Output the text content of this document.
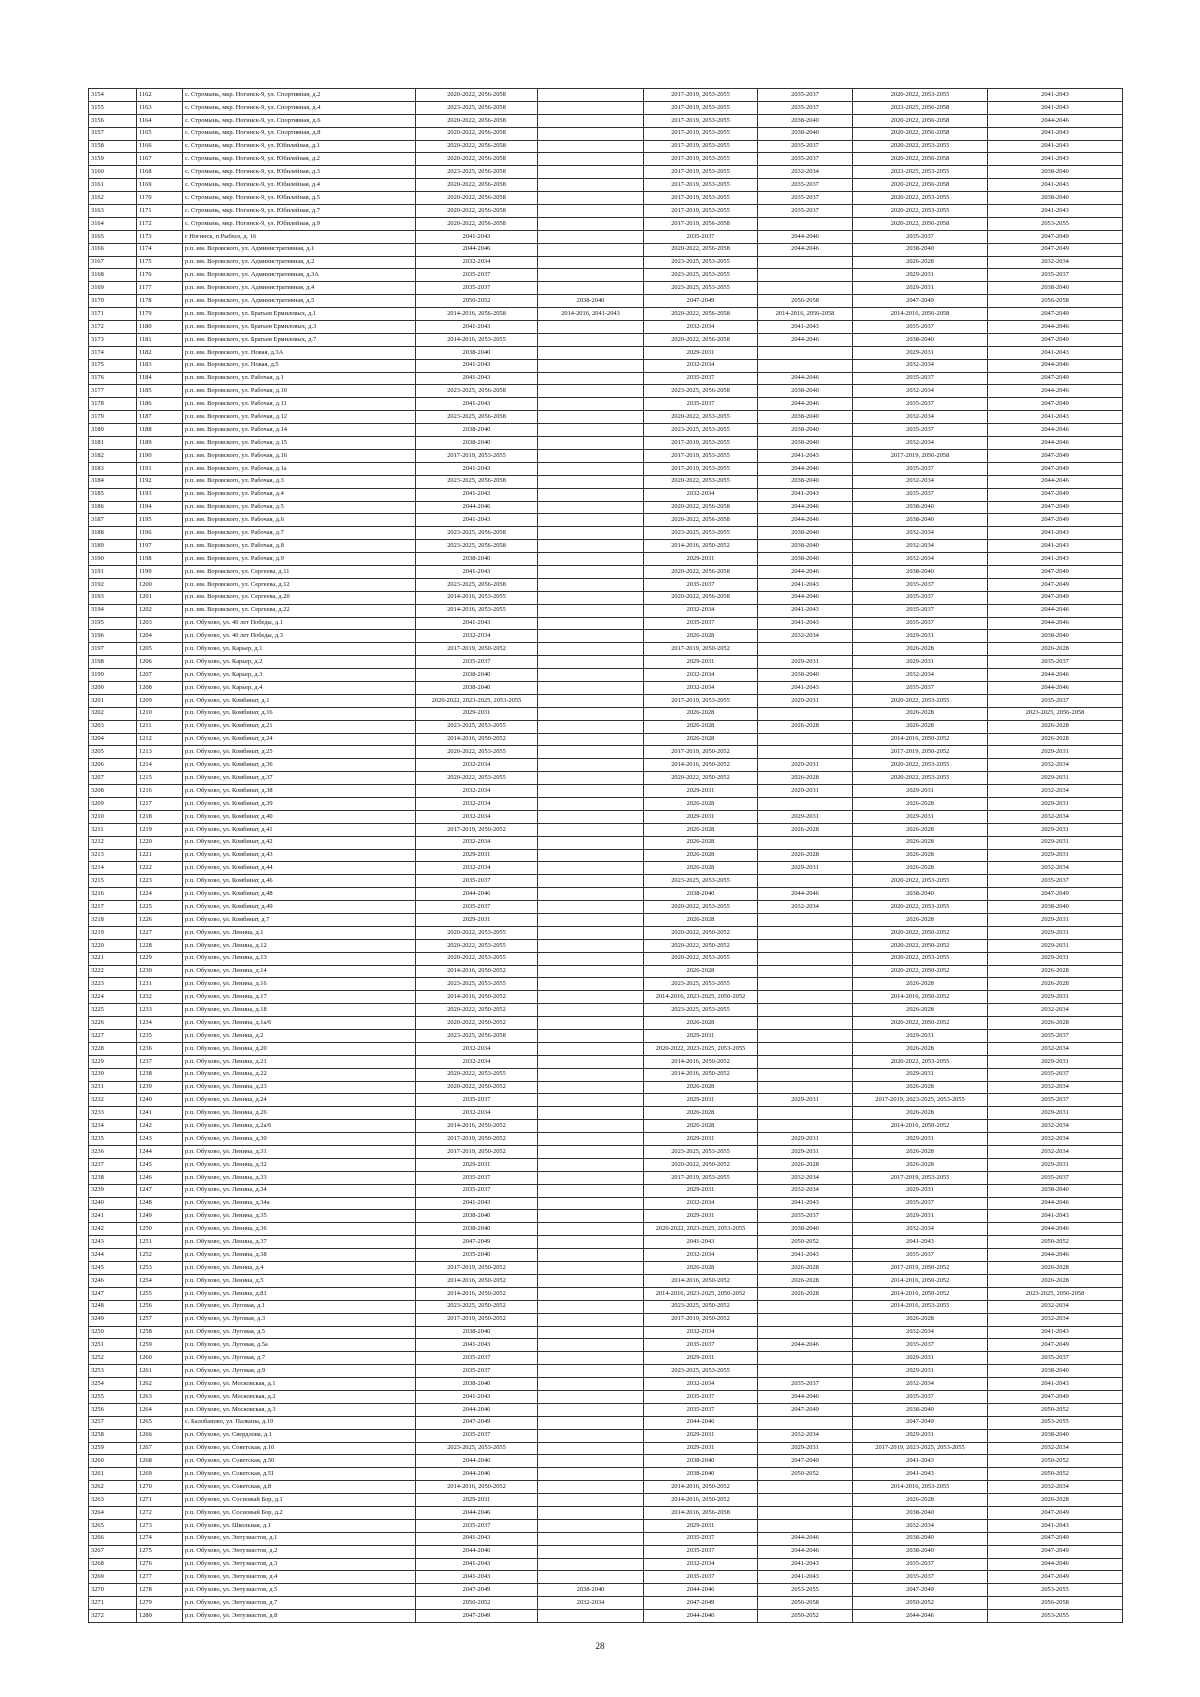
3154	1162	с. Стромынь, мкр. Ногинск-9, ул. Спортивная, д.2	2020-2022, 2056-2058		2017-2019, 2053-2055	2035-2037	2020-2022, 2053-2055	2041-2043
3155	1163	с. Стромынь, мкр. Ногинск-9, ул. Спортивная, д.4	2023-2025, 2056-2058		2017-2019, 2053-2055	2035-2037	2023-2025, 2056-2058	2041-2043
3156	1164	с. Стромынь, мкр. Ногинск-9, ул. Спортивная, д.6	2020-2022, 2056-2058		2017-2019, 2053-2055	2038-2040	2020-2022, 2056-2058	2044-2046
3157	1165	с. Стромынь, мкр. Ногинск-9, ул. Спортивная, д.8	2020-2022, 2056-2058		2017-2019, 2053-2055	2038-2040	2020-2022, 2056-2058	2041-2043
3158	1166	с. Стромынь, мкр. Ногинск-9, ул. Юбилейная, д.1	2020-2022, 2056-2058		2017-2019, 2053-2055	2035-2037	2020-2022, 2053-2055	2041-2043
3159	1167	с. Стромынь, мкр. Ногинск-9, ул. Юбилейная, д.2	2020-2022, 2056-2058		2017-2019, 2053-2055	2035-2037	2020-2022, 2056-2058	2041-2043
3160	1168	с. Стромынь, мкр. Ногинск-9, ул. Юбилейная, д.3	2023-2025, 2056-2058		2017-2019, 2053-2055	2032-2034	2023-2025, 2053-2055	2038-2040
3161	1169	с. Стромынь, мкр. Ногинск-9, ул. Юбилейная, д.4	2020-2022, 2056-2058		2017-2019, 2053-2055	2035-2037	2020-2022, 2056-2058	2041-2043
3162	1170	с. Стромынь, мкр. Ногинск-9, ул. Юбилейная, д.5	2020-2022, 2056-2058		2017-2019, 2053-2055	2035-2037	2020-2022, 2053-2055	2038-2040
3163	1171	с. Стромынь, мкр. Ногинск-9, ул. Юбилейная, д.7	2020-2022, 2056-2058		2017-2019, 2053-2055	2035-2037	2020-2022, 2053-2055	2041-2043
3164	1172	с. Стромынь, мкр. Ногинск-9, ул. Юбилейная, д.9	2020-2022, 2056-2058		2017-2019, 2056-2058		2020-2022, 2056-2058	2053-2055
3165	1173	г Ногинск, п Рыбхоз, д. 16	2041-2043		2035-2037	2044-2046	2035-2037	2047-2049
3166	1174	р.п. им. Воровского, ул. Административная, д.1	2044-2046		2020-2022, 2056-2058	2044-2046	2038-2040	2047-2049
3167	1175	р.п. им. Воровского, ул. Административная, д.2	2032-2034		2023-2025, 2053-2055		2026-2028	2032-2034
3168	1176	р.п. им. Воровского, ул. Административная, д.3А	2035-2037		2023-2025, 2053-2055		2029-2031	2035-2037
3169	1177	р.п. им. Воровского, ул. Административная, д.4	2035-2037		2023-2025, 2053-2055		2029-2031	2038-2040
3170	1178	р.п. им. Воровского, ул. Административная, д.5	2050-2052	2038-2040	2047-2049	2056-2058	2047-2049	2056-2058
3171	1179	р.п. им. Воровского, ул. Братьев Ермиловых, д.1	2014-2016, 2056-2058	2014-2016, 2041-2043	2020-2022, 2056-2058	2014-2016, 2056-2058	2014-2016, 2056-2058	2047-2049
3172	1180	р.п. им. Воровского, ул. Братьев Ермиловых, д.3	2041-2043		2032-2034	2041-2043	2035-2037	2044-2046
3173	1181	р.п. им. Воровского, ул. Братьев Ермиловых, д.7	2014-2016, 2053-2055		2020-2022, 2056-2058	2044-2046	2038-2040	2047-2049
3174	1182	р.п. им. Воровского, ул. Новая, д.3А	2038-2040		2029-2031		2029-2031	2041-2043
3175	1183	р.п. им. Воровского, ул. Новая, д.5	2041-2043		2032-2034		2032-2034	2044-2046
3176	1184	р.п. им. Воровского, ул. Рабочая, д.1	2041-2043		2035-2037	2044-2046	2035-2037	2047-2049
3177	1185	р.п. им. Воровского, ул. Рабочая, д.10	2023-2025, 2056-2058		2023-2025, 2056-2058	2038-2040	2032-2034	2044-2046
3178	1186	р.п. им. Воровского, ул. Рабочая, д.11	2041-2043		2035-2037	2044-2046	2035-2037	2047-2049
3179	1187	р.п. им. Воровского, ул. Рабочая, д.12	2023-2025, 2056-2058		2020-2022, 2053-2055	2038-2040	2032-2034	2041-2043
3180	1188	р.п. им. Воровского, ул. Рабочая, д.14	2038-2040		2023-2025, 2053-2055	2038-2040	2035-2037	2044-2046
3181	1189	р.п. им. Воровского, ул. Рабочая, д.15	2038-2040		2017-2019, 2053-2055	2038-2040	2032-2034	2044-2046
3182	1190	р.п. им. Воровского, ул. Рабочая, д.16	2017-2019, 2053-2055		2017-2019, 2053-2055	2041-2043	2017-2019, 2056-2058	2047-2049
3183	1191	р.п. им. Воровского, ул. Рабочая, д.1а	2041-2043		2017-2019, 2053-2055	2044-2046	2035-2037	2047-2049
3184	1192	р.п. им. Воровского, ул. Рабочая, д.3	2023-2025, 2056-2058		2020-2022, 2053-2055	2038-2040	2032-2034	2044-2046
3185	1193	р.п. им. Воровского, ул. Рабочая, д.4	2041-2043		2032-2034	2041-2043	2035-2037	2047-2049
3186	1194	р.п. им. Воровского, ул. Рабочая, д.5	2044-2046		2020-2022, 2056-2058	2044-2046	2038-2040	2047-2049
3187	1195	р.п. им. Воровского, ул. Рабочая, д.6	2041-2043		2020-2022, 2056-2058	2044-2046	2038-2040	2047-2049
3188	1196	р.п. им. Воровского, ул. Рабочая, д.7	2023-2025, 2056-2058		2023-2025, 2053-2055	2038-2040	2032-2034	2041-2043
3189	1197	р.п. им. Воровского, ул. Рабочая, д.8	2023-2025, 2056-2058		2014-2016, 2050-2052	2038-2040	2032-2034	2041-2043
3190	1198	р.п. им. Воровского, ул. Рабочая, д.9	2038-2040		2029-2031	2038-2040	2032-2034	2041-2043
3191	1199	р.п. им. Воровского, ул. Сергеева, д.11	2041-2043		2020-2022, 2056-2058	2044-2046	2038-2040	2047-2049
3192	1200	р.п. им. Воровского, ул. Сергеева, д.12	2023-2025, 2056-2058		2035-2037	2041-2043	2035-2037	2047-2049
3193	1201	р.п. им. Воровского, ул. Сергеева, д.20	2014-2016, 2053-2055		2020-2022, 2056-2058	2044-2046	2035-2037	2047-2049
3194	1202	р.п. им. Воровского, ул. Сергеева, д.22	2014-2016, 2053-2055		2032-2034	2041-2043	2035-2037	2044-2046
3195	1203	р.п. Обухово, ул. 40 лет Победы, д.1	2041-2043		2035-2037	2041-2043	2035-2037	2044-2046
3196	1204	р.п. Обухово, ул. 40 лет Победы, д.3	2032-2034		2026-2028	2032-2034	2029-2031	2038-2040
3197	1205	р.п. Обухово, ул. Карьер, д.1	2017-2019, 2050-2052		2017-2019, 2050-2052		2026-2028	2026-2028
3198	1206	р.п. Обухово, ул. Карьер, д.2	2035-2037		2029-2031	2029-2031	2029-2031	2035-2037
3199	1207	р.п. Обухово, ул. Карьер, д.3	2038-2040		2032-2034	2038-2040	2032-2034	2044-2046
3200	1208	р.п. Обухово, ул. Карьер, д.4	2038-2040		2032-2034	2041-2043	2035-2037	2044-2046
3201	1209	р.п. Обухово, ул. Комбинат, д.1	2020-2022, 2023-2025, 2053-2055		2017-2019, 2053-2055	2029-2031	2020-2022, 2053-2055	2035-2037
3202	1210	р.п. Обухово, ул. Комбинат, д.16	2029-2031		2026-2028		2026-2028	2023-2025, 2056-2058
3203	1211	р.п. Обухово, ул. Комбинат, д.21	2023-2025, 2053-2055		2026-2028	2026-2028	2026-2028	2026-2028
3204	1212	р.п. Обухово, ул. Комбинат, д.24	2014-2016, 2050-2052		2026-2028		2014-2016, 2050-2052	2026-2028
3205	1213	р.п. Обухово, ул. Комбинат, д.25	2020-2022, 2053-2055		2017-2019, 2050-2052		2017-2019, 2050-2052	2029-2031
3206	1214	р.п. Обухово, ул. Комбинат, д.36	2032-2034		2014-2016, 2050-2052	2029-2031	2020-2022, 2053-2055	2032-2034
3207	1215	р.п. Обухово, ул. Комбинат, д.37	2020-2022, 2053-2055		2020-2022, 2050-2052	2026-2028	2020-2022, 2053-2055	2029-2031
3208	1216	р.п. Обухово, ул. Комбинат, д.38	2032-2034		2029-2031	2029-2031	2029-2031	2032-2034
3209	1217	р.п. Обухово, ул. Комбинат, д.39	2032-2034		2026-2028		2026-2028	2029-2031
3210	1218	р.п. Обухово, ул. Комбинат, д.40	2032-2034		2029-2031	2029-2031	2029-2031	2032-2034
3211	1219	р.п. Обухово, ул. Комбинат, д.41	2017-2019, 2050-2052		2026-2028	2026-2028	2026-2028	2029-2031
3212	1220	р.п. Обухово, ул. Комбинат, д.42	2032-2034		2026-2028		2026-2028	2029-2031
3213	1221	р.п. Обухово, ул. Комбинат, д.43	2029-2031		2026-2028	2026-2028	2026-2028	2029-2031
3214	1222	р.п. Обухово, ул. Комбинат, д.44	2032-2034		2026-2028	2029-2031	2026-2028	2032-2034
3215	1223	р.п. Обухово, ул. Комбинат, д.46	2035-2037		2023-2025, 2053-2055		2020-2022, 2053-2055	2035-2037
3216	1224	р.п. Обухово, ул. Комбинат, д.48	2044-2046		2038-2040	2044-2046	2038-2040	2047-2049
3217	1225	р.п. Обухово, ул. Комбинат, д.49	2035-2037		2020-2022, 2053-2055	2032-2034	2020-2022, 2053-2055	2038-2040
3218	1226	р.п. Обухово, ул. Комбинат, д.7	2029-2031		2026-2028		2026-2028	2029-2031
3219	1227	р.п. Обухово, ул. Ленина, д.1	2020-2022, 2053-2055		2020-2022, 2050-2052		2020-2022, 2050-2052	2029-2031
3220	1228	р.п. Обухово, ул. Ленина, д.12	2020-2022, 2053-2055		2020-2022, 2050-2052		2020-2022, 2050-2052	2029-2031
3221	1229	р.п. Обухово, ул. Ленина, д.13	2020-2022, 2053-2055		2020-2022, 2053-2055		2020-2022, 2053-2055	2029-2031
3222	1230	р.п. Обухово, ул. Ленина, д.14	2014-2016, 2050-2052		2026-2028		2020-2022, 2050-2052	2026-2028
3223	1231	р.п. Обухово, ул. Ленина, д.16	2023-2025, 2053-2055		2023-2025, 2053-2055		2026-2028	2026-2028
3224	1232	р.п. Обухово, ул. Ленина, д.17	2014-2016, 2050-2052		2014-2016, 2023-2025, 2050-2052		2014-2016, 2050-2052	2029-2031
3225	1233	р.п. Обухово, ул. Ленина, д.18	2020-2022, 2050-2052		2023-2025, 2053-2055		2026-2028	2032-2034
3226	1234	р.п. Обухово, ул. Ленина, д.1а/6	2020-2022, 2050-2052		2026-2028		2020-2022, 2050-2052	2026-2028
3227	1235	р.п. Обухово, ул. Ленина, д.2	2023-2025, 2056-2058		2029-2031		2029-2031	2035-2037
3228	1236	р.п. Обухово, ул. Ленина, д.20	2032-2034		2020-2022, 2023-2025, 2053-2055		2026-2028	2032-2034
3229	1237	р.п. Обухово, ул. Ленина, д.21	2032-2034		2014-2016, 2050-2052		2020-2022, 2053-2055	2029-2031
3230	1238	р.п. Обухово, ул. Ленина, д.22	2020-2022, 2053-2055		2014-2016, 2050-2052		2029-2031	2035-2037
3231	1239	р.п. Обухово, ул. Ленина, д.23	2020-2022, 2050-2052		2026-2028		2026-2028	2032-2034
3232	1240	р.п. Обухово, ул. Ленина, д.24	2035-2037		2029-2031	2029-2031	2017-2019, 2023-2025, 2053-2055	2035-2037
3233	1241	р.п. Обухово, ул. Ленина, д.26	2032-2034		2026-2028		2026-2028	2029-2031
3234	1242	р.п. Обухово, ул. Ленина, д.2а/6	2014-2016, 2050-2052		2026-2028		2014-2016, 2050-2052	2032-2034
3235	1243	р.п. Обухово, ул. Ленина, д.30	2017-2019, 2050-2052		2029-2031	2029-2031	2029-2031	2032-2034
3236	1244	р.п. Обухово, ул. Ленина, д.31	2017-2019, 2050-2052		2023-2025, 2053-2055	2029-2031	2026-2028	2032-2034
3237	1245	р.п. Обухово, ул. Ленина, д.32	2029-2031		2020-2022, 2050-2052	2026-2028	2026-2028	2029-2031
3238	1246	р.п. Обухово, ул. Ленина, д.33	2035-2037		2017-2019, 2053-2055	2032-2034	2017-2019, 2053-2055	2035-2037
3239	1247	р.п. Обухово, ул. Ленина, д.34	2035-2037		2029-2031	2032-2034	2029-2031	2038-2040
3240	1248	р.п. Обухово, ул. Ленина, д.34а	2041-2043		2032-2034	2041-2043	2035-2037	2044-2046
3241	1249	р.п. Обухово, ул. Ленина, д.35	2038-2040		2029-2031	2035-2037	2029-2031	2041-2043
3242	1250	р.п. Обухово, ул. Ленина, д.36	2038-2040		2020-2022, 2023-2025, 2053-2055	2038-2040	2032-2034	2044-2046
3243	1251	р.п. Обухово, ул. Ленина, д.37	2047-2049		2041-2043	2050-2052	2041-2043	2050-2052
3244	1252	р.п. Обухово, ул. Ленина, д.38	2035-2040		2032-2034	2041-2043	2035-2037	2044-2046
3245	1253	р.п. Обухово, ул. Ленина, д.4	2017-2019, 2050-2052		2026-2028	2026-2028	2017-2019, 2050-2052	2026-2028
3246	1254	р.п. Обухово, ул. Ленина, д.5	2014-2016, 2050-2052		2014-2016, 2050-2052	2026-2028	2014-2016, 2050-2052	2026-2028
3247	1255	р.п. Обухово, ул. Ленина, д.81	2014-2016, 2050-2052		2014-2016, 2023-2025, 2050-2052	2026-2028	2014-2016, 2050-2052	2023-2025, 2056-2058
3248	1256	р.п. Обухово, ул. Луговая, д.1	2023-2025, 2050-2052		2023-2025, 2050-2052		2014-2016, 2053-2055	2032-2034
3249	1257	р.п. Обухово, ул. Луговая, д.3	2017-2019, 2050-2052		2017-2019, 2050-2052		2026-2028	2032-2034
3250	1258	р.п. Обухово, ул. Луговая, д.5	2038-2040		2032-2034		2032-2034	2041-2043
3251	1259	р.п. Обухово, ул. Луговая, д.5а	2041-2043		2035-2037	2044-2046	2035-2037	2047-2049
3252	1260	р.п. Обухово, ул. Луговая, д.7	2035-2037		2029-2031		2029-2031	2035-2037
3253	1261	р.п. Обухово, ул. Луговая, д.9	2035-2037		2023-2025, 2053-2055		2029-2031	2038-2040
3254	1262	р.п. Обухово, ул. Московская, д.1	2038-2040		2032-2034	2035-2037	2032-2034	2041-2043
3255	1263	р.п. Обухово, ул. Московская, д.2	2041-2043		2035-2037	2044-2046	2035-2037	2047-2049
3256	1264	р.п. Обухово, ул. Московская, д.3	2044-2046		2035-2037	2047-2049	2038-2040	2050-2052
3257	1265	с. Балобаново, ул. Палкина, д.10	2047-2049		2044-2046		2047-2049	2053-2055
3258	1266	р.п. Обухово, ул. Свердлова, д.1	2035-2037		2029-2031	2032-2034	2029-2031	2038-2040
3259	1267	р.п. Обухово, ул. Советская, д.10	2023-2025, 2053-2055		2029-2031	2029-2031	2017-2019, 2023-2025, 2053-2055	2032-2034
3260	1268	р.п. Обухово, ул. Советская, д.50	2044-2046		2038-2040	2047-2049	2041-2043	2050-2052
3261	1269	р.п. Обухово, ул. Советская, д.51	2044-2046		2038-2040	2050-2052	2041-2043	2050-2052
3262	1270	р.п. Обухово, ул. Советская, д.8	2014-2016, 2050-2052		2014-2016, 2050-2052		2014-2016, 2053-2055	2032-2034
3263	1271	р.п. Обухово, ул. Сосновый Бор, д.1	2029-2031		2014-2016, 2050-2052		2026-2028	2026-2028
3264	1272	р.п. Обухово, ул. Сосновый Бор, д.2	2044-2046		2014-2016, 2056-2058		2038-2040	2047-2049
3265	1273	р.п. Обухово, ул. Школьная, д.1	2035-2037		2029-2031		2032-2034	2041-2043
3266	1274	р.п. Обухово, ул. Энтузиастов, д.1	2041-2043		2035-2037	2044-2046	2038-2040	2047-2049
3267	1275	р.п. Обухово, ул. Энтузиастов, д.2	2044-2046		2035-2037	2044-2046	2038-2040	2047-2049
3268	1276	р.п. Обухово, ул. Энтузиастов, д.3	2041-2043		2032-2034	2041-2043	2035-2037	2044-2046
3269	1277	р.п. Обухово, ул. Энтузиастов, д.4	2041-2043		2035-2037	2041-2043	2035-2037	2047-2049
3270	1278	р.п. Обухово, ул. Энтузиастов, д.5	2047-2049	2038-2040	2044-2046	2053-2055	2047-2049	2053-2055
3271	1279	р.п. Обухово, ул. Энтузиастов, д.7	2050-2052	2032-2034	2047-2049	2056-2058	2050-2052	2056-2058
3272	1280	р.п. Обухово, ул. Энтузиастов, д.8	2047-2049		2044-2046	2050-2052	2044-2046	2053-2055
28
